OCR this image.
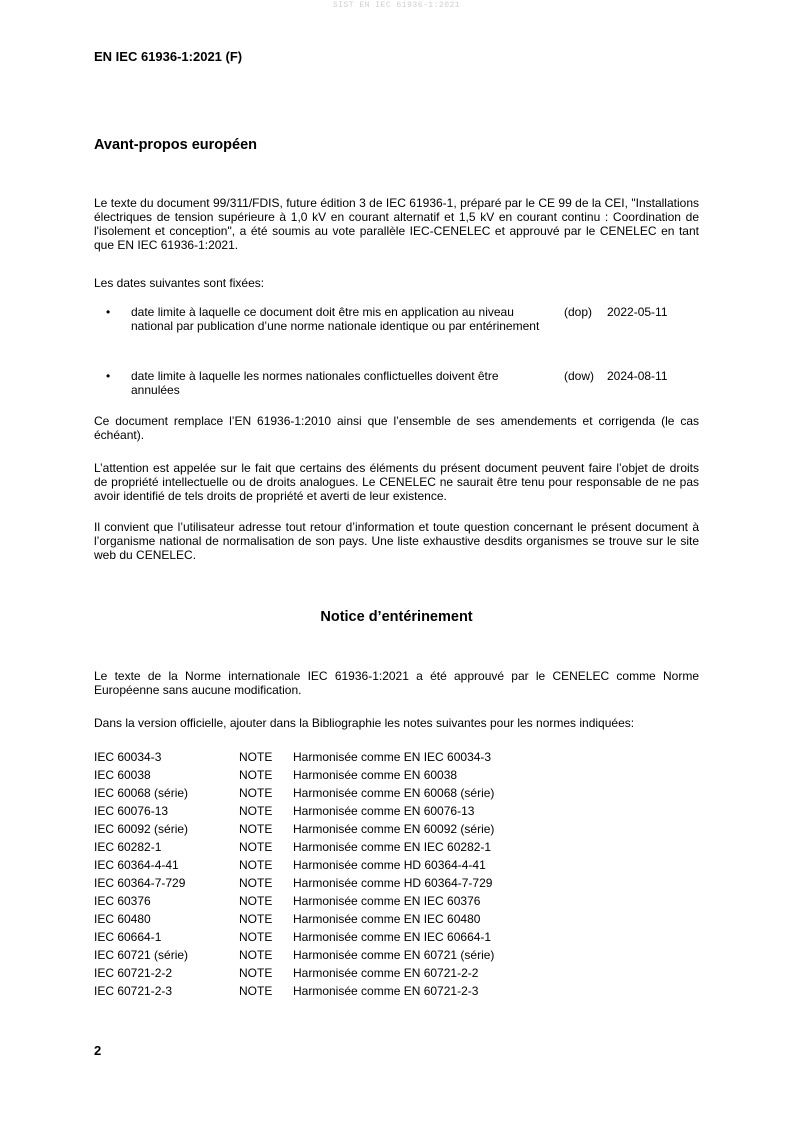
SIST EN IEC 61936-1:2021
EN IEC 61936-1:2021 (F)
Avant-propos européen
Le texte du document 99/311/FDIS, future édition 3 de IEC 61936-1, préparé par le CE 99 de la CEI, "Installations électriques de tension supérieure à 1,0 kV en courant alternatif et 1,5 kV en courant continu : Coordination de l'isolement et conception", a été soumis au vote parallèle IEC-CENELEC et approuvé par le CENELEC en tant que EN IEC 61936-1:2021.
Les dates suivantes sont fixées:
• date limite à laquelle ce document doit être mis en application au niveau national par publication d’une norme nationale identique ou par entérinement
(dop) 2022-05-11
• date limite à laquelle les normes nationales conflictuelles doivent être annulées
(dow) 2024-08-11
Ce document remplace l’EN 61936-1:2010 ainsi que l’ensemble de ses amendements et corrigenda (le cas échéant).
L’attention est appelée sur le fait que certains des éléments du présent document peuvent faire l’objet de droits de propriété intellectuelle ou de droits analogues. Le CENELEC ne saurait être tenu pour responsable de ne pas avoir identifié de tels droits de propriété et averti de leur existence.
Il convient que l’utilisateur adresse tout retour d’information et toute question concernant le présent document à l’organisme national de normalisation de son pays. Une liste exhaustive desdits organismes se trouve sur le site web du CENELEC.
Notice d’entérinement
Le texte de la Norme internationale IEC 61936-1:2021 a été approuvé par le CENELEC comme Norme Européenne sans aucune modification.
Dans la version officielle, ajouter dans la Bibliographie les notes suivantes pour les normes indiquées:
IEC 60034-3	NOTE Harmonisée comme EN IEC 60034-3
IEC 60038	NOTE Harmonisée comme EN 60038
IEC 60068 (série)	NOTE Harmonisée comme EN 60068 (série)
IEC 60076-13	NOTE Harmonisée comme EN 60076-13
IEC 60092 (série)	NOTE Harmonisée comme EN 60092 (série)
IEC 60282-1	NOTE Harmonisée comme EN IEC 60282-1
IEC 60364-4-41	NOTE Harmonisée comme HD 60364-4-41
IEC 60364-7-729	NOTE Harmonisée comme HD 60364-7-729
IEC 60376	NOTE Harmonisée comme EN IEC 60376
IEC 60480	NOTE Harmonisée comme EN IEC 60480
IEC 60664-1	NOTE Harmonisée comme EN IEC 60664-1
IEC 60721 (série)	NOTE Harmonisée comme EN 60721 (série)
IEC 60721-2-2	NOTE Harmonisée comme EN 60721-2-2
IEC 60721-2-3	NOTE Harmonisée comme EN 60721-2-3
2
